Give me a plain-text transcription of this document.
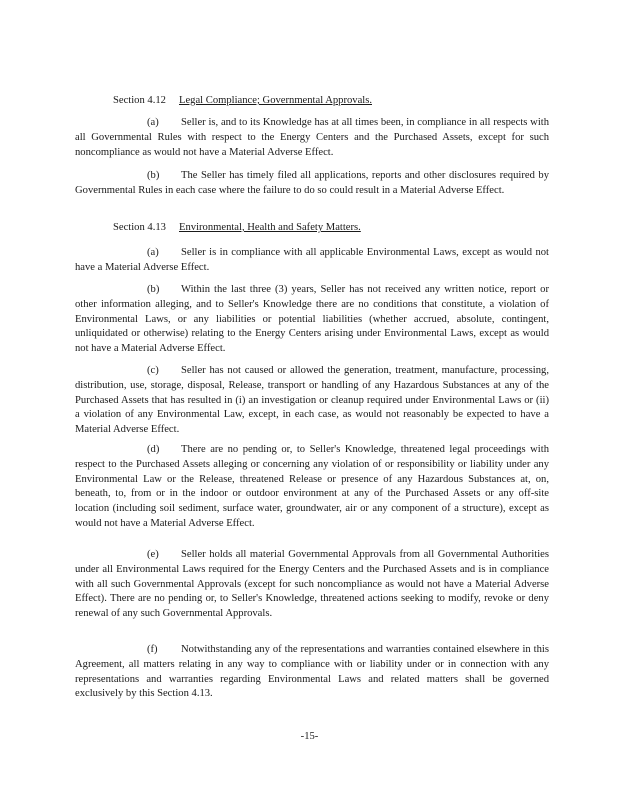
Section 4.12 Legal Compliance; Governmental Approvals.
(a) Seller is, and to its Knowledge has at all times been, in compliance in all respects with all Governmental Rules with respect to the Energy Centers and the Purchased Assets, except for such noncompliance as would not have a Material Adverse Effect.
(b) The Seller has timely filed all applications, reports and other disclosures required by Governmental Rules in each case where the failure to do so could result in a Material Adverse Effect.
Section 4.13 Environmental, Health and Safety Matters.
(a) Seller is in compliance with all applicable Environmental Laws, except as would not have a Material Adverse Effect.
(b) Within the last three (3) years, Seller has not received any written notice, report or other information alleging, and to Seller's Knowledge there are no conditions that constitute, a violation of Environmental Laws, or any liabilities or potential liabilities (whether accrued, absolute, contingent, unliquidated or otherwise) relating to the Energy Centers arising under Environmental Laws, except as would not have a Material Adverse Effect.
(c) Seller has not caused or allowed the generation, treatment, manufacture, processing, distribution, use, storage, disposal, Release, transport or handling of any Hazardous Substances at any of the Purchased Assets that has resulted in (i) an investigation or cleanup required under Environmental Laws or (ii) a violation of any Environmental Law, except, in each case, as would not reasonably be expected to have a Material Adverse Effect.
(d) There are no pending or, to Seller's Knowledge, threatened legal proceedings with respect to the Purchased Assets alleging or concerning any violation of or responsibility or liability under any Environmental Law or the Release, threatened Release or presence of any Hazardous Substances at, on, beneath, to, from or in the indoor or outdoor environment at any of the Purchased Assets or any off-site location (including soil sediment, surface water, groundwater, air or any component of a structure), except as would not have a Material Adverse Effect.
(e) Seller holds all material Governmental Approvals from all Governmental Authorities under all Environmental Laws required for the Energy Centers and the Purchased Assets and is in compliance with all such Governmental Approvals (except for such noncompliance as would not have a Material Adverse Effect). There are no pending or, to Seller's Knowledge, threatened actions seeking to modify, revoke or deny renewal of any such Governmental Approvals.
(f) Notwithstanding any of the representations and warranties contained elsewhere in this Agreement, all matters relating in any way to compliance with or liability under or in connection with any representations and warranties regarding Environmental Laws and related matters shall be governed exclusively by this Section 4.13.
-15-
